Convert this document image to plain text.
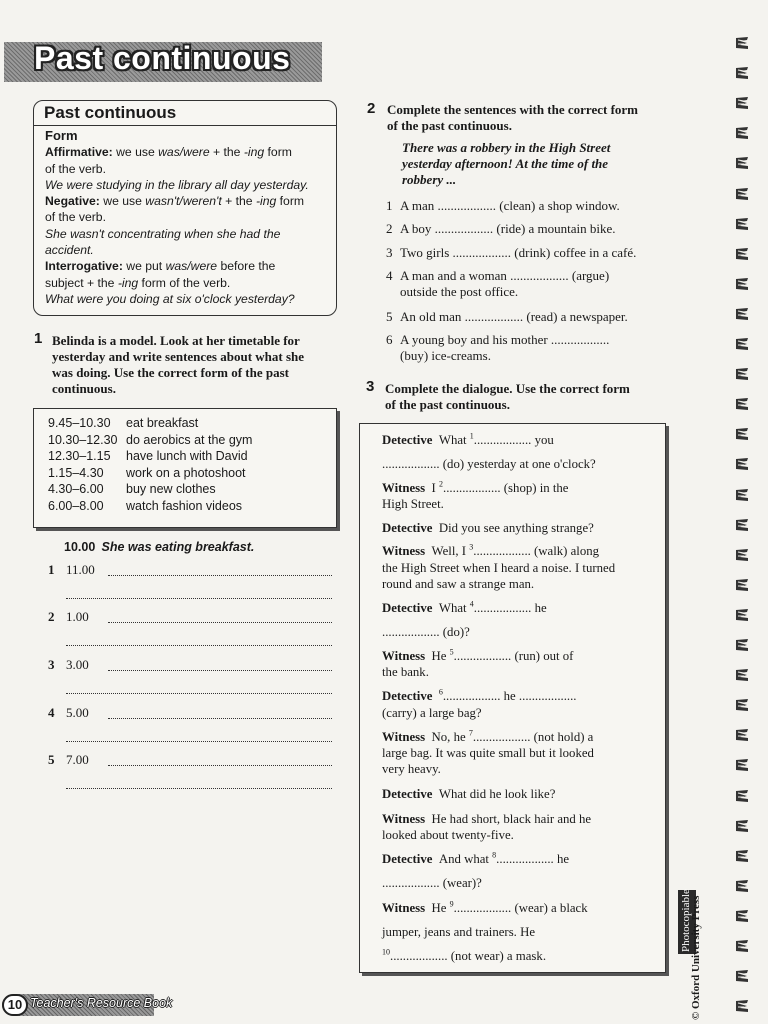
Past continuous
Past continuous
Form
Affirmative: we use was/were + the -ing form
of the verb.
We were studying in the library all day yesterday.
Negative: we use wasn't/weren't + the -ing form
of the verb.
She wasn't concentrating when she had the
accident.
Interrogative: we put was/were before the
subject + the -ing form of the verb.
What were you doing at six o'clock yesterday?
1 Belinda is a model. Look at her timetable for
yesterday and write sentences about what she
was doing. Use the correct form of the past
continuous.
9.45–10.30 eat breakfast
10.30–12.30 do aerobics at the gym
12.30–1.15 have lunch with David
1.15–4.30 work on a photoshoot
4.30–6.00 buy new clothes
6.00–8.00 watch fashion videos
10.00 She was eating breakfast.
1 11.00
2 1.00
3 3.00
4 5.00
5 7.00
2 Complete the sentences with the correct form
of the past continuous.
There was a robbery in the High Street
yesterday afternoon! At the time of the
robbery ...
1 A man .................. (clean) a shop window.
2 A boy .................. (ride) a mountain bike.
3 Two girls .................. (drink) coffee in a café.
4 A man and a woman .................. (argue)
outside the post office.
5 An old man .................. (read) a newspaper.
6 A young boy and his mother ..................
(buy) ice-creams.
3 Complete the dialogue. Use the correct form
of the past continuous.
Detective What $^1$.................. you
.................. (do) yesterday at one o'clock?
Witness I $^2$.................. (shop) in the
High Street.
Detective Did you see anything strange?
Witness Well, I $^3$.................. (walk) along
the High Street when I heard a noise. I turned
round and saw a strange man.
Detective What $^4$.................. he
.................. (do)?
Witness He $^5$.................. (run) out of
the bank.
Detective $^6$.................. he ..................
(carry) a large bag?
Witness No, he $^7$.................. (not hold) a
large bag. It was quite small but it looked
very heavy.
Detective What did he look like?
Witness He had short, black hair and he
looked about twenty-five.
Detective And what $^8$.................. he
.................. (wear)?
Witness He $^9$.................. (wear) a black
jumper, jeans and trainers. He
$^{10}$.................. (not wear) a mask.
Photocopiable
© Oxford University Press
10 Teacher's Resource Book
